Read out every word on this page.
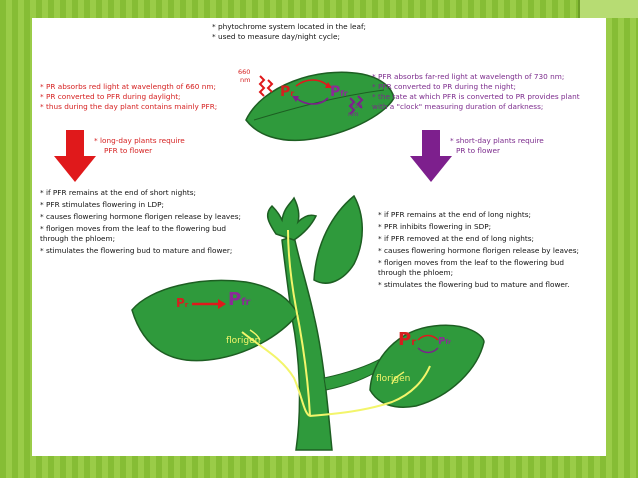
* phytochrome system located in the leaf;
* used to measure day/night cycle;
* PR absorbs red light at wavelength of 660 nm;
* PR converted to PFR during daylight;
* thus during the day plant contains mainly PFR;
* PFR absorbs far-red light at wavelength of 730 nm;
* PFR converted to PR during the night;
* the rate at which PFR is converted to PR provides plant
with a "clock" measuring duration of darkness;
660
nm
730
nm
Pr	Pfr
* long-day plants require
PFR to flower
* short-day plants require
PR to flower
* if PFR remains at the end of short nights;
* PFR stimulates flowering in LDP;
* causes flowering hormone florigen release by leaves;
* florigen moves from the leaf to the flowering bud
through the phloem;
* stimulates the flowering bud to mature and flower;
* if PFR remains at the end of long nights;
* PFR inhibits flowering in SDP;
* if PFR removed at the end of long nights;
* causes flowering hormone florigen release by leaves;
* florigen moves from the leaf to the flowering bud
through the phloem;
* stimulates the flowering bud to mature and flower.
Pr Pfr
florigen	Pr Pfr
florigen
